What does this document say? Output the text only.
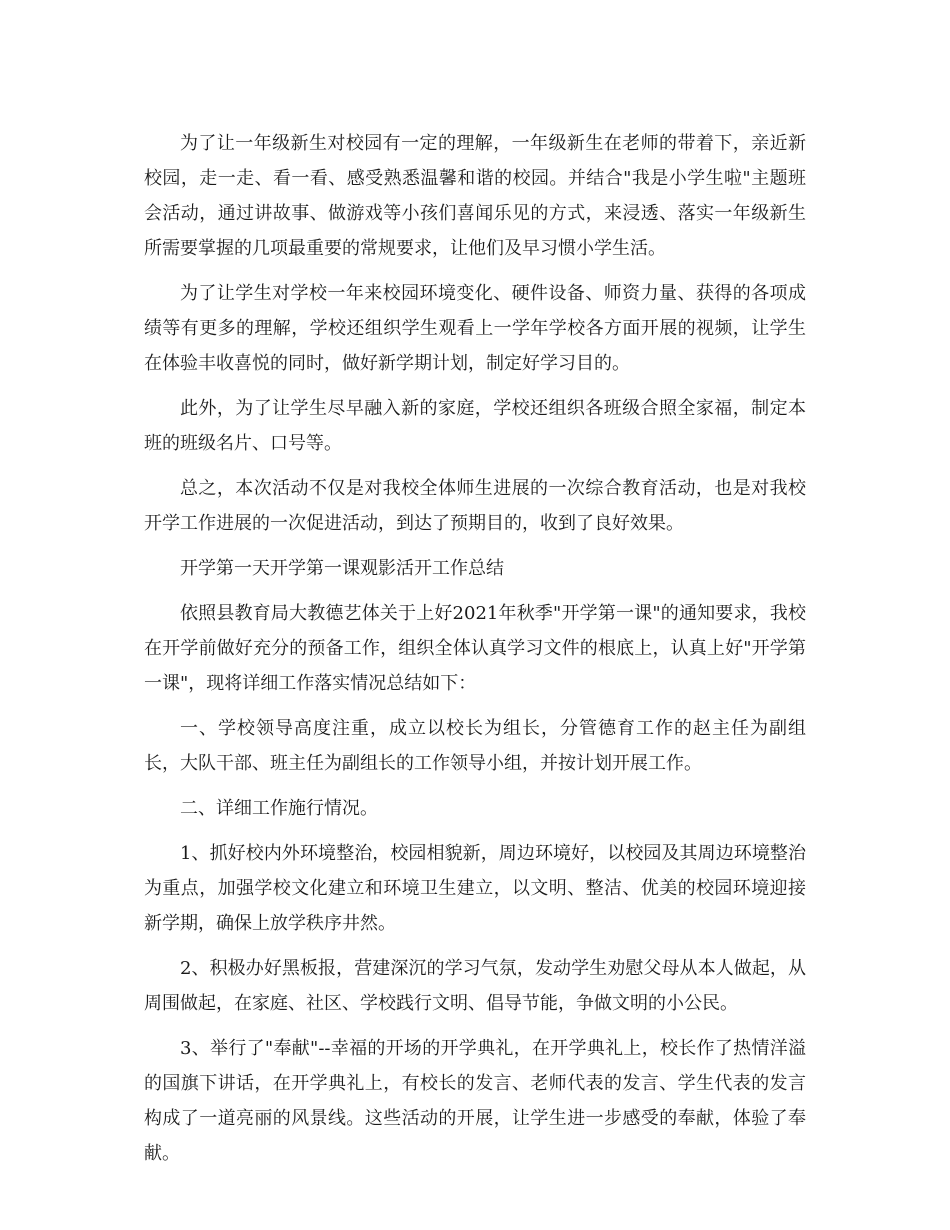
为了让一年级新生对校园有一定的理解，一年级新生在老师的带着下，亲近新校园，走一走、看一看、感受熟悉温馨和谐的校园。并结合"我是小学生啦"主题班会活动，通过讲故事、做游戏等小孩们喜闻乐见的方式，来浸透、落实一年级新生所需要掌握的几项最重要的常规要求，让他们及早习惯小学生活。

为了让学生对学校一年来校园环境变化、硬件设备、师资力量、获得的各项成绩等有更多的理解，学校还组织学生观看上一学年学校各方面开展的视频，让学生在体验丰收喜悦的同时，做好新学期计划，制定好学习目的。

此外，为了让学生尽早融入新的家庭，学校还组织各班级合照全家福，制定本班的班级名片、口号等。

总之，本次活动不仅是对我校全体师生进展的一次综合教育活动，也是对我校开学工作进展的一次促进活动，到达了预期目的，收到了良好效果。

开学第一天开学第一课观影活开工作总结

依照县教育局大教德艺体关于上好2021年秋季"开学第一课"的通知要求，我校在开学前做好充分的预备工作，组织全体认真学习文件的根底上，认真上好"开学第一课"，现将详细工作落实情况总结如下：

一、学校领导高度注重，成立以校长为组长，分管德育工作的赵主任为副组长，大队干部、班主任为副组长的工作领导小组，并按计划开展工作。

二、详细工作施行情况。

1、抓好校内外环境整治，校园相貌新，周边环境好，以校园及其周边环境整治为重点，加强学校文化建立和环境卫生建立，以文明、整洁、优美的校园环境迎接新学期，确保上放学秩序井然。

2、积极办好黑板报，营建深沉的学习气氛，发动学生劝慰父母从本人做起，从周围做起，在家庭、社区、学校践行文明、倡导节能，争做文明的小公民。

3、举行了"奉献"--幸福的开场的开学典礼，在开学典礼上，校长作了热情洋溢的国旗下讲话，在开学典礼上，有校长的发言、老师代表的发言、学生代表的发言构成了一道亮丽的风景线。这些活动的开展，让学生进一步感受的奉献，体验了奉献。
